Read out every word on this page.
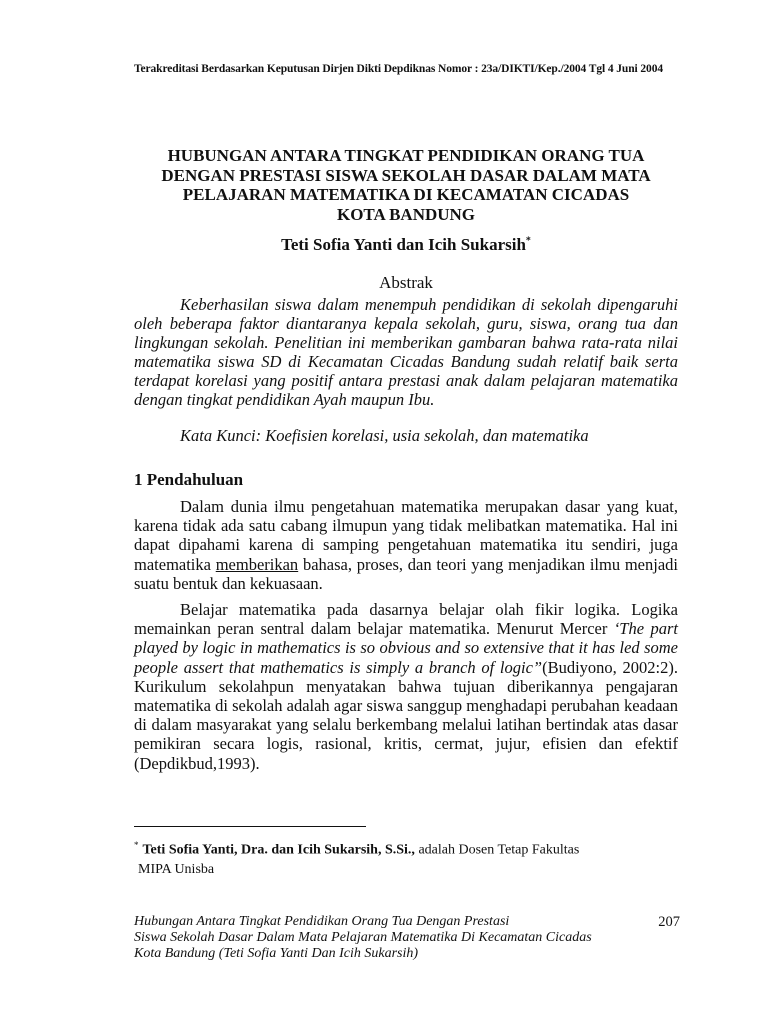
Terakreditasi Berdasarkan Keputusan Dirjen Dikti Depdiknas Nomor : 23a/DIKTI/Kep./2004 Tgl 4 Juni 2004
HUBUNGAN ANTARA TINGKAT PENDIDIKAN ORANG TUA
DENGAN PRESTASI SISWA SEKOLAH DASAR DALAM MATA
PELAJARAN MATEMATIKA DI KECAMATAN CICADAS
KOTA BANDUNG
Teti Sofia Yanti dan Icih Sukarsih*
Abstrak
Keberhasilan siswa dalam menempuh pendidikan di sekolah dipengaruhi oleh beberapa faktor diantaranya kepala sekolah, guru, siswa, orang tua dan lingkungan sekolah. Penelitian ini memberikan gambaran bahwa rata-rata nilai matematika siswa SD di Kecamatan Cicadas Bandung sudah relatif baik serta terdapat korelasi yang positif antara prestasi anak dalam pelajaran matematika dengan tingkat pendidikan Ayah maupun Ibu.
Kata Kunci: Koefisien korelasi, usia sekolah, dan matematika
1 Pendahuluan
Dalam dunia ilmu pengetahuan matematika merupakan dasar yang kuat, karena tidak ada satu cabang ilmupun yang tidak melibatkan matematika. Hal ini dapat dipahami karena di samping pengetahuan matematika itu sendiri, juga matematika memberikan bahasa, proses, dan teori yang menjadikan ilmu menjadi suatu bentuk dan kekuasaan.
Belajar matematika pada dasarnya belajar olah fikir logika. Logika memainkan peran sentral dalam belajar matematika. Menurut Mercer ‘The part played by logic in mathematics is so obvious and so extensive that it has led some people assert that mathematics is simply a branch of logic”(Budiyono, 2002:2). Kurikulum sekolahpun menyatakan bahwa tujuan diberikannya pengajaran matematika di sekolah adalah agar siswa sanggup menghadapi perubahan keadaan di dalam masyarakat yang selalu berkembang melalui latihan bertindak atas dasar pemikiran secara logis, rasional, kritis, cermat, jujur, efisien dan efektif (Depdikbud,1993).
* Teti Sofia Yanti, Dra. dan Icih Sukarsih, S.Si., adalah Dosen Tetap Fakultas
MIPA Unisba
Hubungan Antara Tingkat Pendidikan Orang Tua Dengan Prestasi
Siswa Sekolah Dasar Dalam Mata Pelajaran Matematika Di Kecamatan Cicadas
Kota Bandung (Teti Sofia Yanti Dan Icih Sukarsih)
207
